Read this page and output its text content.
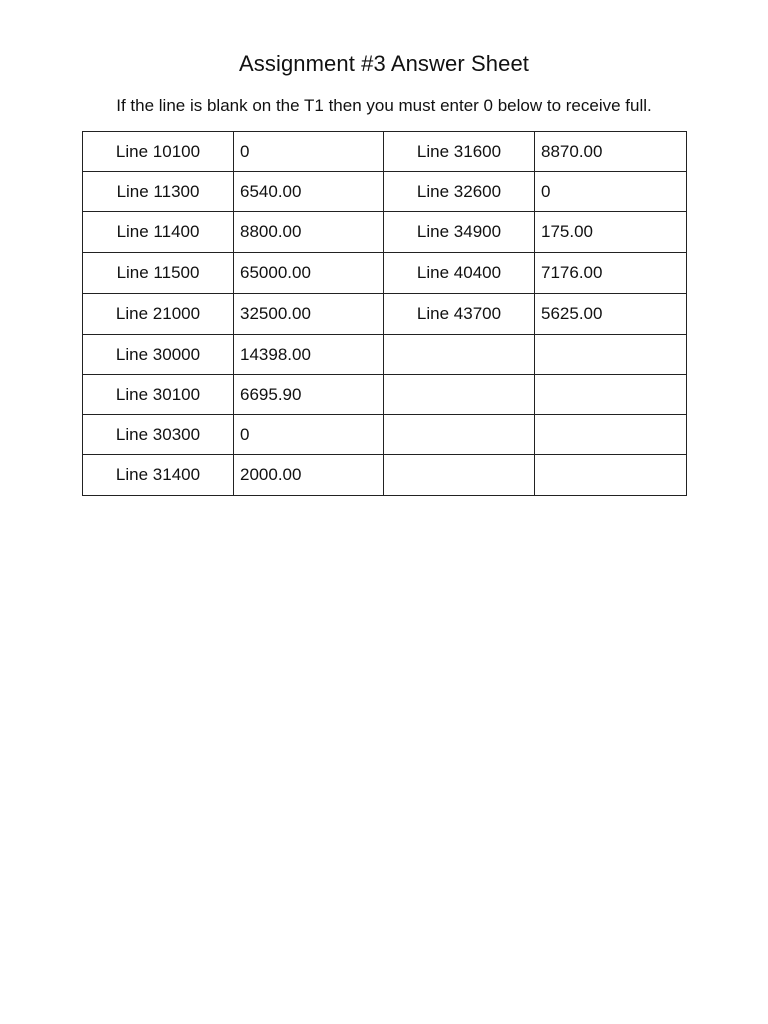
Assignment #3 Answer Sheet
If the line is blank on the T1 then you must enter 0 below to receive full.
Line 10100	0	Line 31600	8870.00
Line 11300	6540.00	Line 32600	0
Line 11400	8800.00	Line 34900	175.00
Line 11500	65000.00	Line 40400	7176.00
Line 21000	32500.00	Line 43700	5625.00
Line 30000	14398.00		
Line 30100	6695.90		
Line 30300	0		
Line 31400	2000.00		
